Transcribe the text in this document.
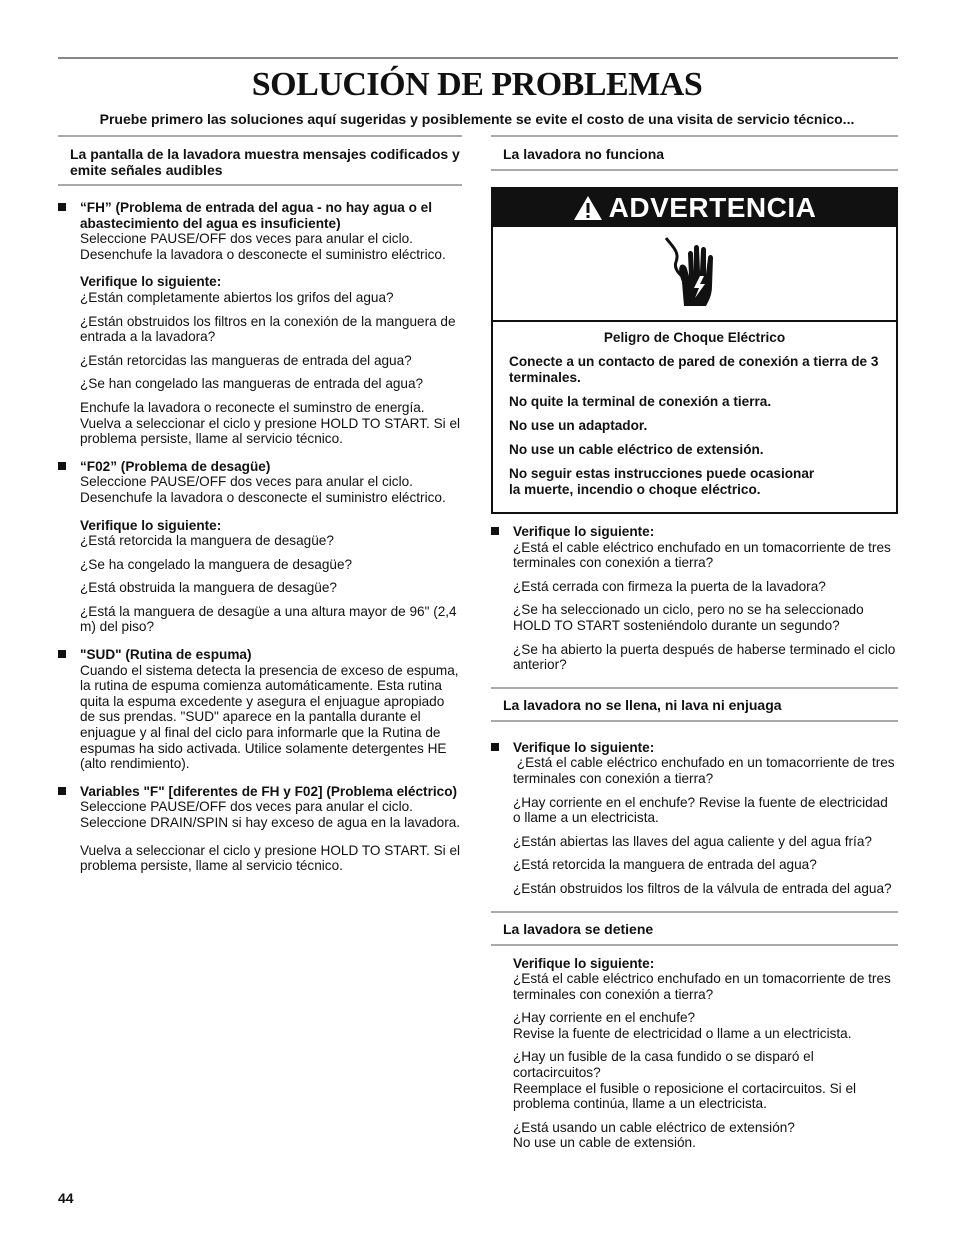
SOLUCIÓN DE PROBLEMAS

Pruebe primero las soluciones aquí sugeridas y posiblemente se evite el costo de una visita de servicio técnico...

La pantalla de la lavadora muestra mensajes codificados y emite señales audibles

“FH” (Problema de entrada del agua - no hay agua o el abastecimiento del agua es insuficiente)
Seleccione PAUSE/OFF dos veces para anular el ciclo. Desenchufe la lavadora o desconecte el suministro eléctrico.

Verifique lo siguiente:
¿Están completamente abiertos los grifos del agua?

¿Están obstruidos los filtros en la conexión de la manguera de entrada a la lavadora?

¿Están retorcidas las mangueras de entrada del agua?

¿Se han congelado las mangueras de entrada del agua?

Enchufe la lavadora o reconecte el suminstro de energía. Vuelva a seleccionar el ciclo y presione HOLD TO START. Si el problema persiste, llame al servicio técnico.

“F02” (Problema de desagüe)
Seleccione PAUSE/OFF dos veces para anular el ciclo. Desenchufe la lavadora o desconecte el suministro eléctrico.

Verifique lo siguiente:
¿Está retorcida la manguera de desagüe?

¿Se ha congelado la manguera de desagüe?

¿Está obstruida la manguera de desagüe?

¿Está la manguera de desagüe a una altura mayor de 96" (2,4 m) del piso?

"SUD" (Rutina de espuma)
Cuando el sistema detecta la presencia de exceso de espuma, la rutina de espuma comienza automáticamente. Esta rutina quita la espuma excedente y asegura el enjuague apropiado de sus prendas. "SUD" aparece en la pantalla durante el enjuague y al final del ciclo para informarle que la Rutina de espumas ha sido activada. Utilice solamente detergentes HE (alto rendimiento).

Variables "F" [diferentes de FH y F02] (Problema eléctrico)
Seleccione PAUSE/OFF dos veces para anular el ciclo. Seleccione DRAIN/SPIN si hay exceso de agua en la lavadora.

Vuelva a seleccionar el ciclo y presione HOLD TO START. Si el problema persiste, llame al servicio técnico.

La lavadora no funciona
ADVERTENCIA

Peligro de Choque Eléctrico

Conecte a un contacto de pared de conexión a tierra de 3 terminales.

No quite la terminal de conexión a tierra.

No use un adaptador.

No use un cable eléctrico de extensión.

No seguir estas instrucciones puede ocasionar la muerte, incendio o choque eléctrico.

Verifique lo siguiente:
¿Está el cable eléctrico enchufado en un tomacorriente de tres terminales con conexión a tierra?

¿Está cerrada con firmeza la puerta de la lavadora?

¿Se ha seleccionado un ciclo, pero no se ha seleccionado HOLD TO START sosteniéndolo durante un segundo?

¿Se ha abierto la puerta después de haberse terminado el ciclo anterior?

La lavadora no se llena, ni lava ni enjuaga

Verifique lo siguiente:
¿Está el cable eléctrico enchufado en un tomacorriente de tres terminales con conexión a tierra?

¿Hay corriente en el enchufe? Revise la fuente de electricidad o llame a un electricista.

¿Están abiertas las llaves del agua caliente y del agua fría?

¿Está retorcida la manguera de entrada del agua?

¿Están obstruidos los filtros de la válvula de entrada del agua?

La lavadora se detiene

Verifique lo siguiente:
¿Está el cable eléctrico enchufado en un tomacorriente de tres terminales con conexión a tierra?

¿Hay corriente en el enchufe?
Revise la fuente de electricidad o llame a un electricista.

¿Hay un fusible de la casa fundido o se disparó el cortacircuitos?
Reemplace el fusible o reposicione el cortacircuitos. Si el problema continúa, llame a un electricista.

¿Está usando un cable eléctrico de extensión?
No use un cable de extensión.

44
